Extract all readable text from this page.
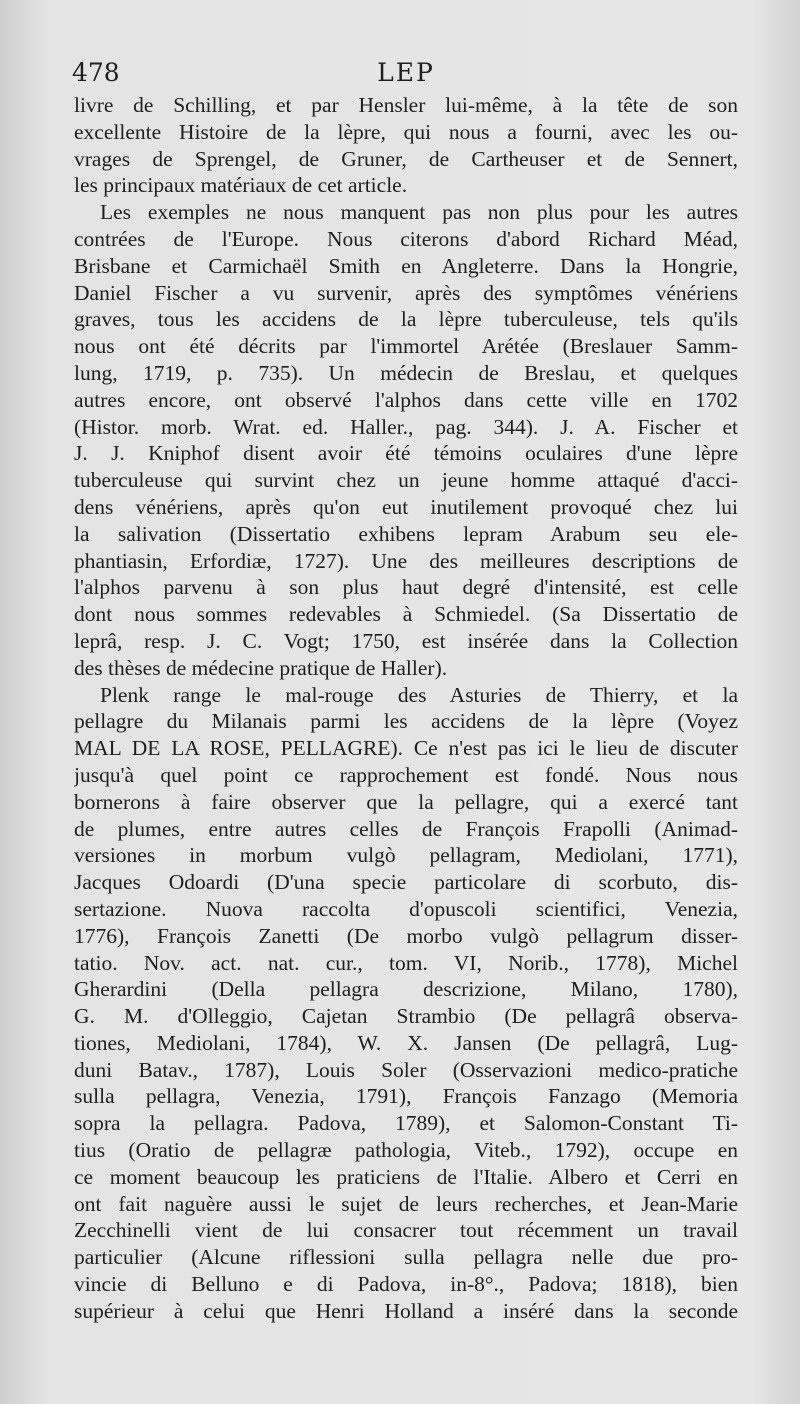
478	LEP
livre de Schilling, et par Hensler lui-même, à la tête de son
excellente Histoire de la lèpre, qui nous a fourni, avec les ou-
vrages de Sprengel, de Gruner, de Cartheuser et de Sennert,
les principaux matériaux de cet article.
Les exemples ne nous manquent pas non plus pour les autres
contrées de l'Europe. Nous citerons d'abord Richard Méad,
Brisbane et Carmichaël Smith en Angleterre. Dans la Hongrie,
Daniel Fischer a vu survenir, après des symptômes vénériens
graves, tous les accidens de la lèpre tuberculeuse, tels qu'ils
nous ont été décrits par l'immortel Arétée (Breslauer Samm-
lung, 1719, p. 735). Un médecin de Breslau, et quelques
autres encore, ont observé l'alphos dans cette ville en 1702
(Histor. morb. Wrat. ed. Haller., pag. 344). J. A. Fischer et
J. J. Kniphof disent avoir été témoins oculaires d'une lèpre
tuberculeuse qui survint chez un jeune homme attaqué d'acci-
dens vénériens, après qu'on eut inutilement provoqué chez lui
la salivation (Dissertatio exhibens lepram Arabum seu ele-
phantiasin, Erfordiæ, 1727). Une des meilleures descriptions de
l'alphos parvenu à son plus haut degré d'intensité, est celle
dont nous sommes redevables à Schmiedel. (Sa Dissertatio de
leprâ, resp. J. C. Vogt; 1750, est insérée dans la Collection
des thèses de médecine pratique de Haller).
Plenk range le mal-rouge des Asturies de Thierry, et la
pellagre du Milanais parmi les accidens de la lèpre (Voyez
MAL DE LA ROSE, PELLAGRE). Ce n'est pas ici le lieu de discuter
jusqu'à quel point ce rapprochement est fondé. Nous nous
bornerons à faire observer que la pellagre, qui a exercé tant
de plumes, entre autres celles de François Frapolli (Animad-
versiones in morbum vulgò pellagram, Mediolani, 1771),
Jacques Odoardi (D'una specie particolare di scorbuto, dis-
sertazione. Nuova raccolta d'opuscoli scientifici, Venezia,
1776), François Zanetti (De morbo vulgò pellagrum disser-
tatio. Nov. act. nat. cur., tom. VI, Norib., 1778), Michel
Gherardini (Della pellagra descrizione, Milano, 1780),
G. M. d'Olleggio, Cajetan Strambio (De pellagrâ observa-
tiones, Mediolani, 1784), W. X. Jansen (De pellagrâ, Lug-
duni Batav., 1787), Louis Soler (Osservazioni medico-pratiche
sulla pellagra, Venezia, 1791), François Fanzago (Memoria
sopra la pellagra. Padova, 1789), et Salomon-Constant Ti-
tius (Oratio de pellagræ pathologia, Viteb., 1792), occupe en
ce moment beaucoup les praticiens de l'Italie. Albero et Cerri en
ont fait naguère aussi le sujet de leurs recherches, et Jean-Marie
Zecchinelli vient de lui consacrer tout récemment un travail
particulier (Alcune riflessioni sulla pellagra nelle due pro-
vincie di Belluno e di Padova, in-8°., Padova; 1818), bien
supérieur à celui que Henri Holland a inséré dans la seconde
